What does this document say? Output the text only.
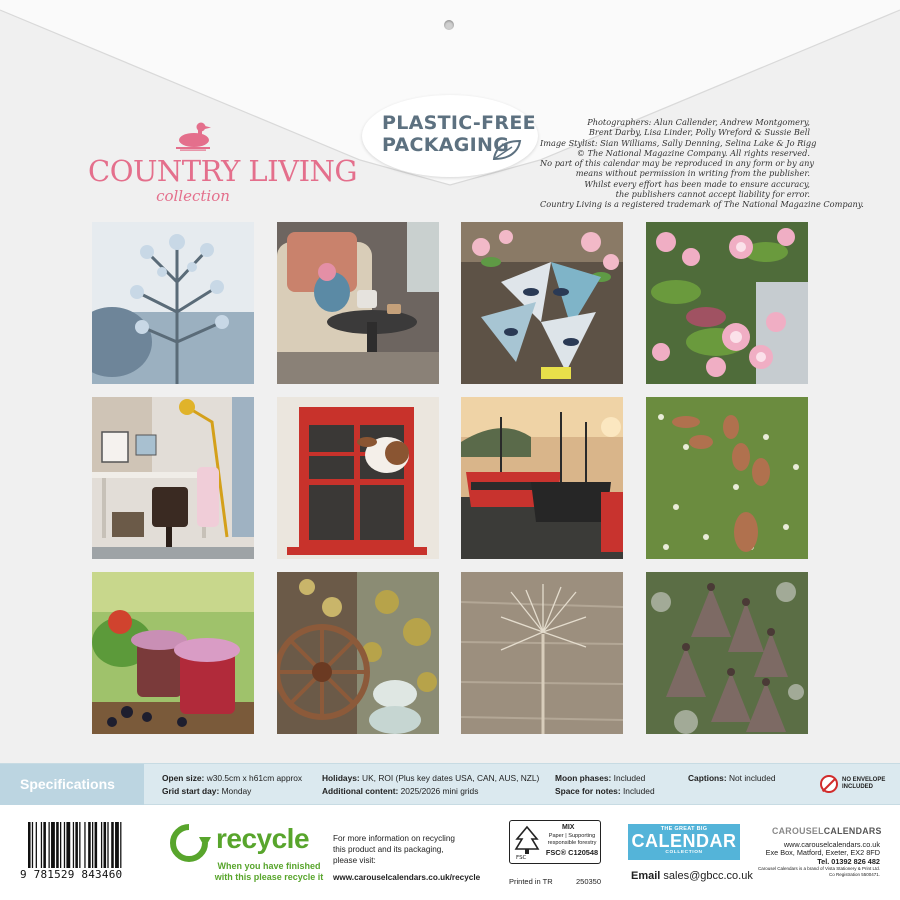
COUNTRY LIVING
collection
PLASTIC-FREE
PACKAGING
Photographers: Alun Callender, Andrew Montgomery,
Brent Darby, Lisa Linder, Polly Wreford & Sussie Bell
Image Stylist: Sian Williams, Sally Denning, Selina Lake & Jo Rigg
© The National Magazine Company. All rights reserved.
No part of this calendar may be reproduced in any form or by any
means without permission in writing from the publisher.
Whilst every effort has been made to ensure accuracy,
the publishers cannot accept liability for error.
Country Living is a registered trademark of The National Magazine Company.
Specifications	Open size: w30.5cm x h61cm approx
Grid start day: Monday
Holidays: UK, ROI (Plus key dates USA, CAN, AUS, NZL)
Additional content: 2025/2026 mini grids
Moon phases: Included
Space for notes: Included
Captions: Not included	NO ENVELOPE
INCLUDED
9 781529 843460
recycle
When you have finished
with this please recycle it
For more information on recycling
this product and its packaging,
please visit:
www.carouselcalendars.co.uk/recycle
FSC
MIX
Paper | Supporting
responsible forestry
FSC® C120548
Printed in TR	250350
THE GREAT BIG
CALENDAR
COLLECTION
Email sales@gbcc.co.uk
CAROUSELCALENDARS
www.carouselcalendars.co.uk
Exe Box, Matford, Exeter, EX2 8FD
Tel. 01392 826 482
Carousel Calendars is a brand of Vista Stationery & Print Ltd.
Co Registration 5500471.
